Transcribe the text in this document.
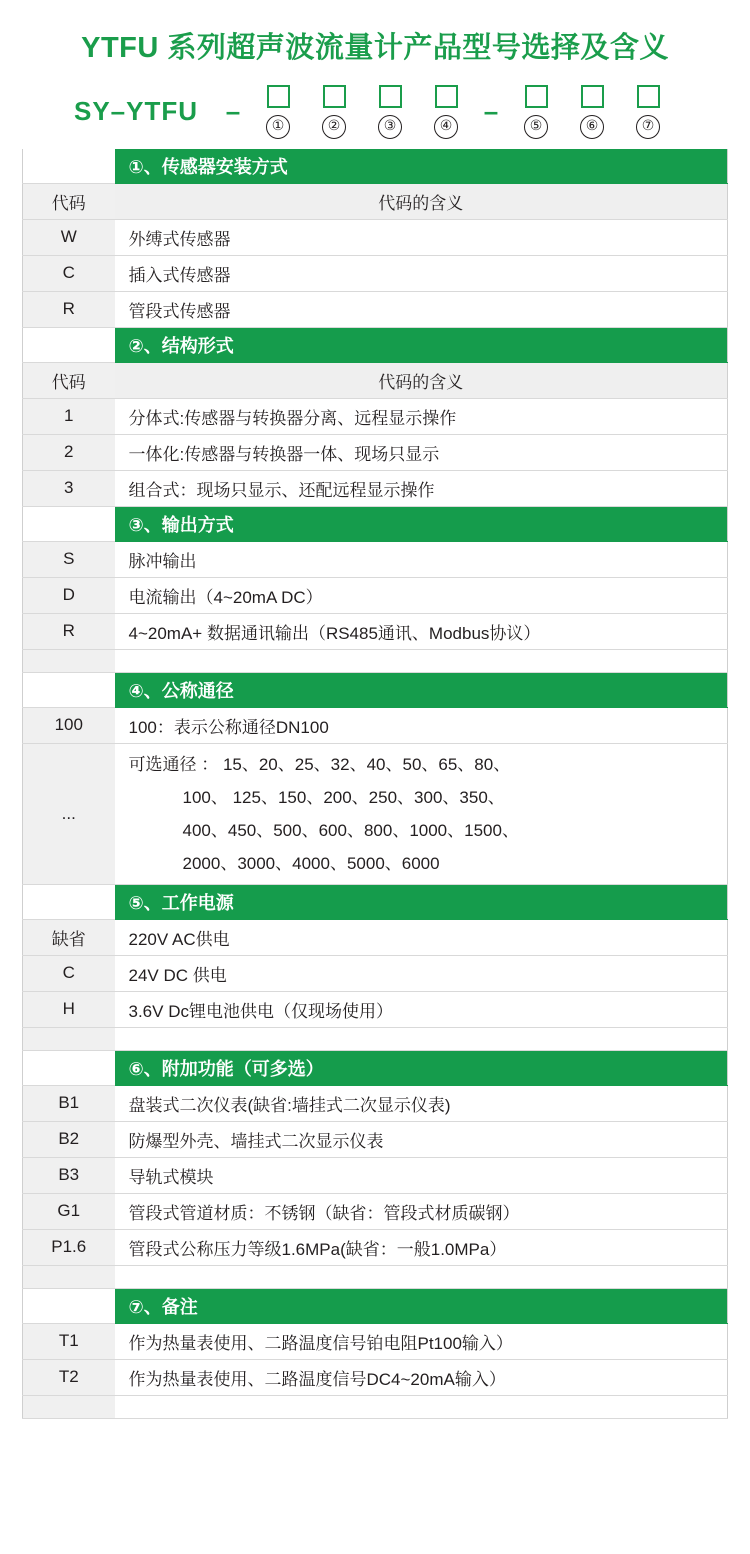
YTFU 系列超声波流量计产品型号选择及含义
SY–YTFU	–	①	②	③	④	–	⑤	⑥	⑦
	①、传感器安装方式
代码	代码的含义
W	外缚式传感器
C	插入式传感器
R	管段式传感器
	②、结构形式
代码	代码的含义
1	分体式:传感器与转换器分离、远程显示操作
2	一体化:传感器与转换器一体、现场只显示
3	组合式：现场只显示、还配远程显示操作
	③、输出方式
S	脉冲输出
D	电流输出（4~20mA DC）
R	4~20mA+ 数据通讯输出（RS485通讯、Modbus协议）

	④、公称通径
100	100：表示公称通径DN100
...	可选通径 ： 15、20、25、32、40、50、65、80、
100、 125、150、200、250、300、350、
400、450、500、600、800、1000、1500、
2000、3000、4000、5000、6000

	⑤、工作电源
缺省	220V AC供电
C	24V DC 供电
H	3.6V Dc锂电池供电（仅现场使用）

	⑥、附加功能（可多选）
B1	盘装式二次仪表(缺省:墙挂式二次显示仪表)
B2	防爆型外壳、墙挂式二次显示仪表
B3	导轨式模块
G1	管段式管道材质：不锈钢（缺省：管段式材质碳钢）
P1.6	管段式公称压力等级1.6MPa(缺省：一般1.0MPa）

	⑦、备注
T1	作为热量表使用、二路温度信号铂电阻Pt100输入）
T2	作为热量表使用、二路温度信号DC4~20mA输入）
